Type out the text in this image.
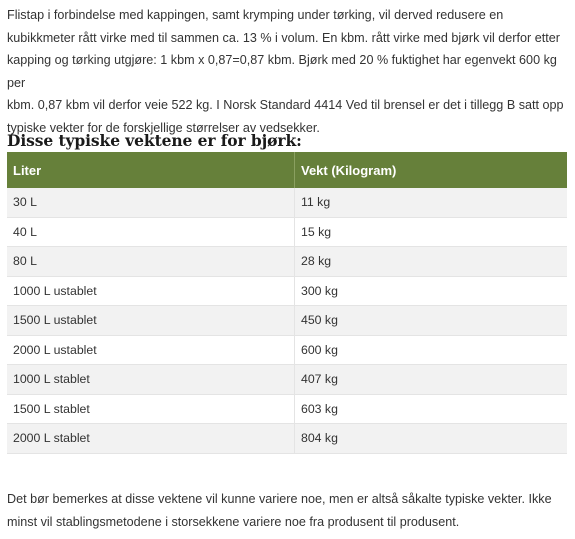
Flistap i forbindelse med kappingen, samt krymping under tørking, vil derved redusere en
kubikkmeter rått virke med til sammen ca. 13 % i volum. En kbm. rått virke med bjørk vil derfor etter
kapping og tørking utgjøre: 1 kbm x 0,87=0,87 kbm. Bjørk med 20 % fuktighet har egenvekt 600 kg per
kbm. 0,87 kbm vil derfor veie 522 kg. I Norsk Standard 4414 Ved til brensel er det i tillegg B satt opp
typiske vekter for de forskjellige størrelser av vedsekker.

Disse typiske vektene er for bjørk:
Liter	Vekt (Kilogram)
30 L	11 kg
40 L	15 kg
80 L	28 kg
1000 L ustablet	300 kg
1500 L ustablet	450 kg
2000 L ustablet	600 kg
1000 L stablet	407 kg
1500 L stablet	603 kg
2000 L stablet	804 kg

Det bør bemerkes at disse vektene vil kunne variere noe, men er altså såkalte typiske vekter. Ikke
minst vil stablingsmetodene i storsekkene variere noe fra produsent til produsent.
